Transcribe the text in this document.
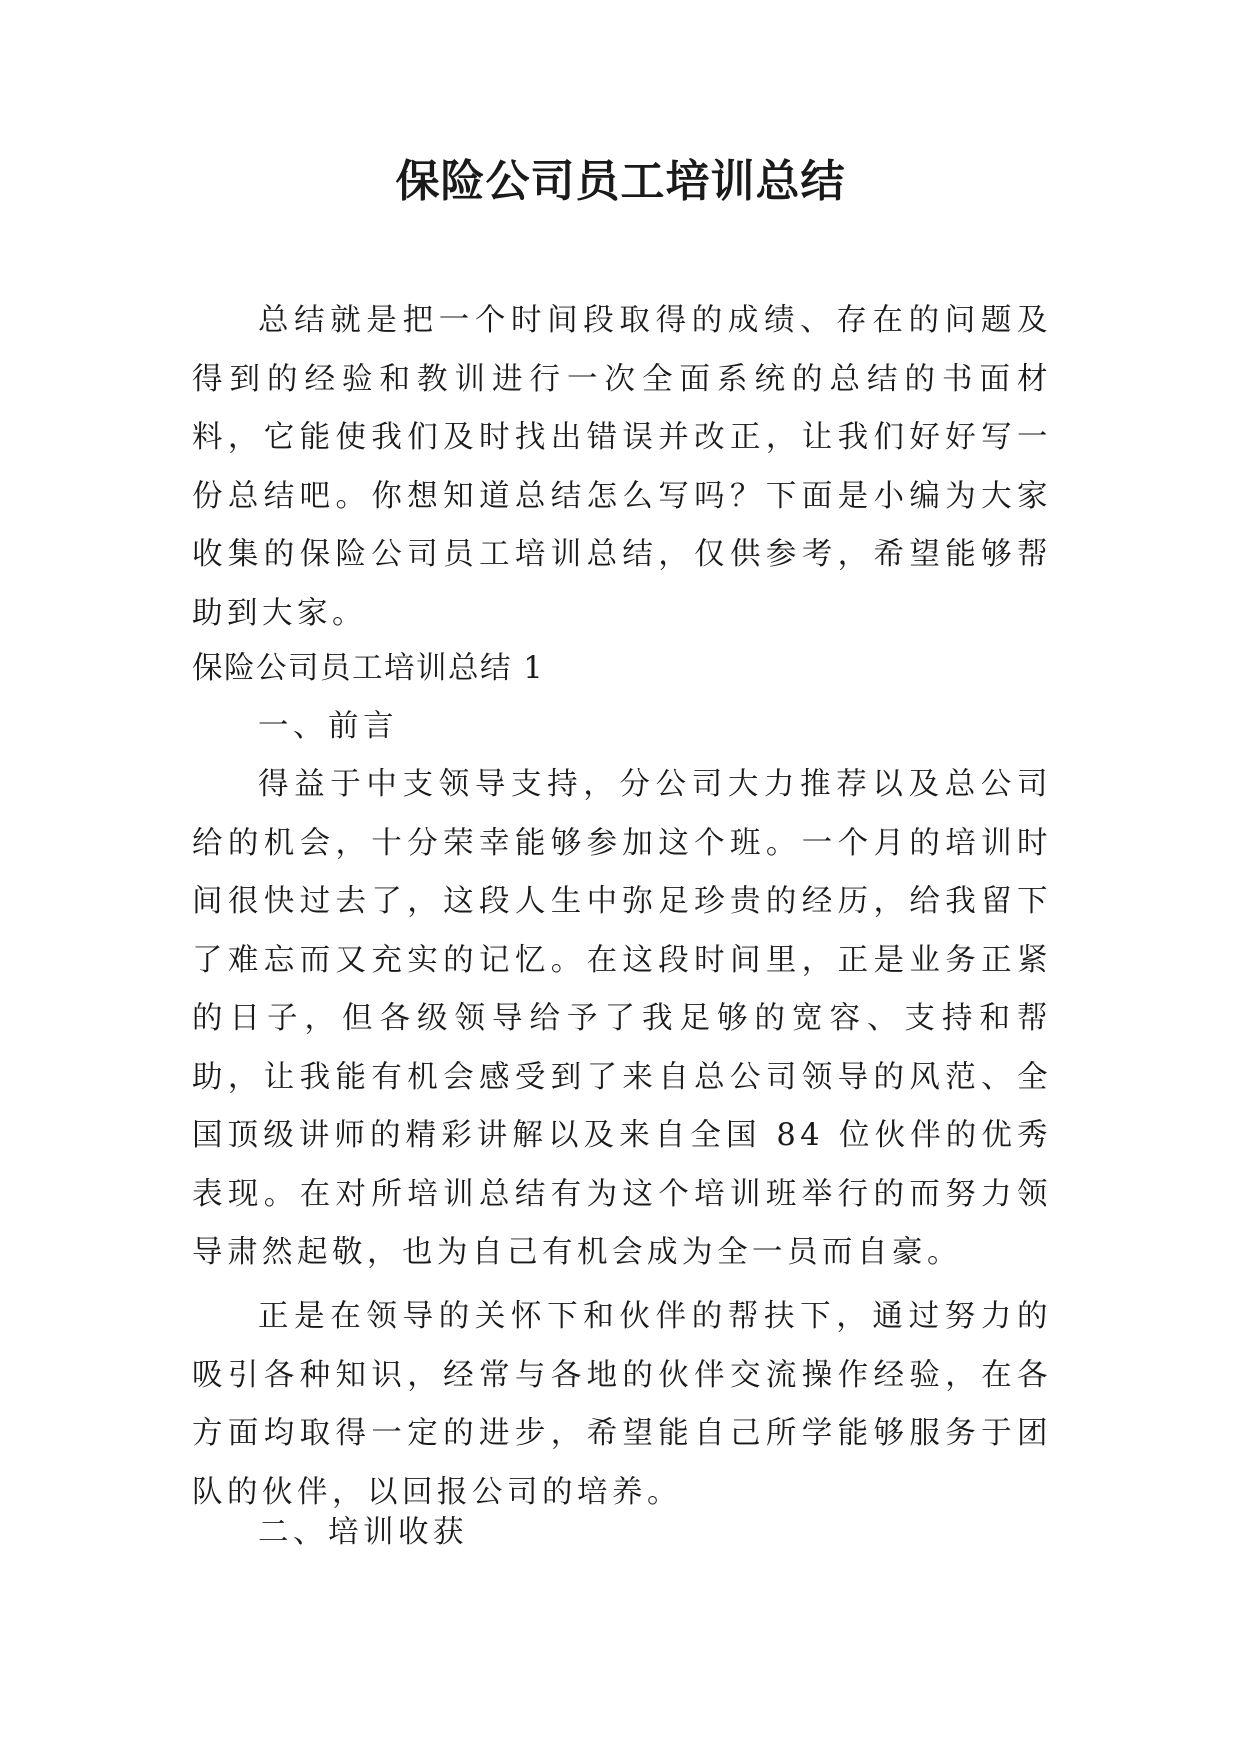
保险公司员工培训总结

总结就是把一个时间段取得的成绩、存在的问题及得到的经验和教训进行一次全面系统的总结的书面材料，它能使我们及时找出错误并改正，让我们好好写一份总结吧。你想知道总结怎么写吗？下面是小编为大家收集的保险公司员工培训总结，仅供参考，希望能够帮助到大家。

保险公司员工培训总结 1

一、前言

得益于中支领导支持，分公司大力推荐以及总公司给的机会，十分荣幸能够参加这个班。一个月的培训时间很快过去了，这段人生中弥足珍贵的经历，给我留下了难忘而又充实的记忆。在这段时间里，正是业务正紧的日子，但各级领导给予了我足够的宽容、支持和帮助，让我能有机会感受到了来自总公司领导的风范、全国顶级讲师的精彩讲解以及来自全国 84 位伙伴的优秀表现。在对所培训总结有为这个培训班举行的而努力领导肃然起敬，也为自己有机会成为全一员而自豪。

正是在领导的关怀下和伙伴的帮扶下，通过努力的吸引各种知识，经常与各地的伙伴交流操作经验，在各方面均取得一定的进步，希望能自己所学能够服务于团队的伙伴，以回报公司的培养。

二、培训收获
